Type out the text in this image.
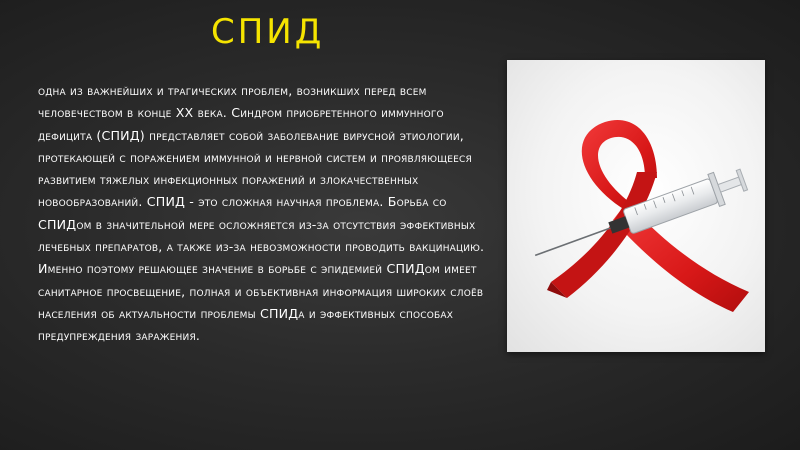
СПИД

одна из важнейших и трагических проблем, возникших перед всем человечеством в конце XX века. Синдром приобретенного иммунного дефицита (СПИД) представляет собой заболевание вирусной этиологии, протекающей с поражением иммунной и нервной систем и проявляющееся развитием тяжелых инфекционных поражений и злокачественных новообразований. СПИД - это сложная научная проблема. Борьба со СПИДом в значительной мере осложняется из-за отсутствия эффективных лечебных препаратов, а также из-за невозможности проводить вакцинацию. Именно поэтому решающее значение в борьбе с эпидемией СПИДом имеет санитарное просвещение, полная и объективная информация широких слоёв населения об актуальности проблемы СПИДа и эффективных способах предупреждения заражения.
